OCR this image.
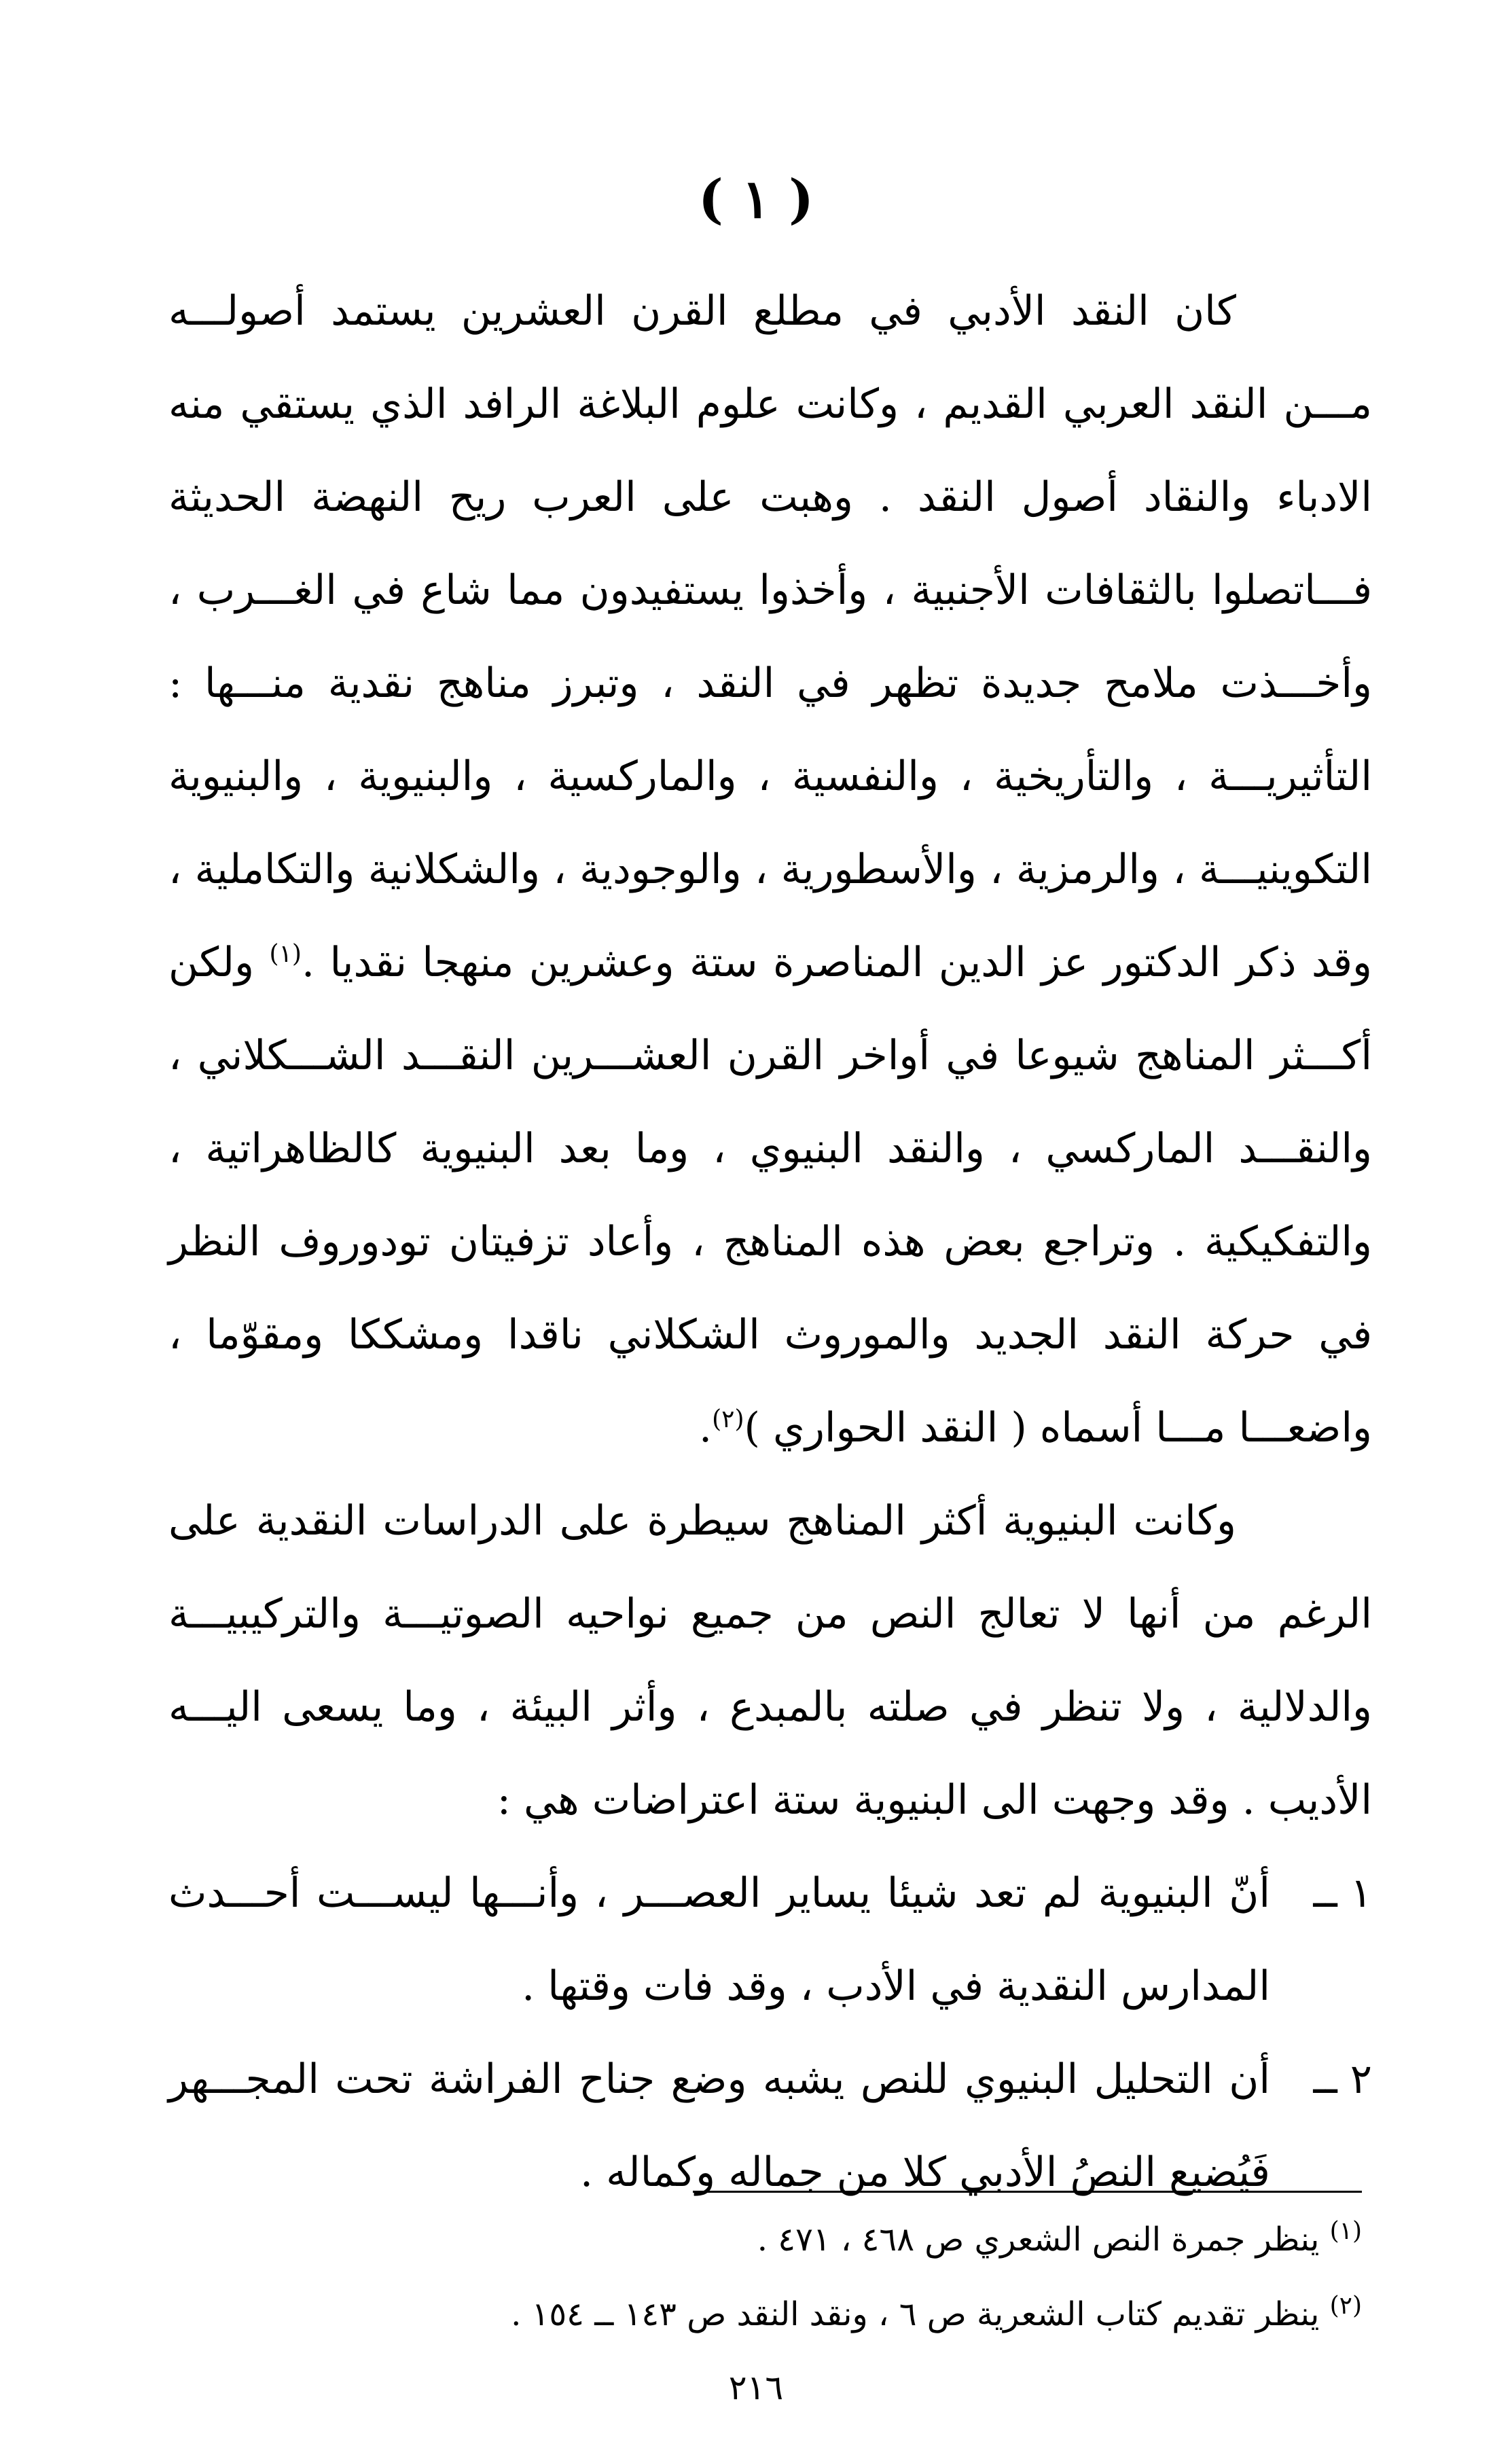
( ١ )

كان النقد الأدبي في مطلع القرن العشرين يستمد أصولـــه مـــن النقد العربي القديم ، وكانت علوم البلاغة الرافد الذي يستقي منه الادباء والنقاد أصول النقد . وهبت على العرب ريح النهضة الحديثة فـــاتصلوا بالثقافات الأجنبية ، وأخذوا يستفيدون مما شاع في الغـــرب ، وأخـــذت ملامح جديدة تظهر في النقد ، وتبرز مناهج نقدية منـــها : التأثيريـــة ، والتأريخية ، والنفسية ، والماركسية ، والبنيوية ، والبنيوية التكوينيـــة ، والرمزية ، والأسطورية ، والوجودية ، والشكلانية والتكاملية ، وقد ذكر الدكتور عز الدين المناصرة ستة وعشرين منهجا نقديا .$^{(١)}$ ولكن أكـــثر المناهج شيوعا في أواخر القرن العشـــرين النقـــد الشـــكلاني ، والنقـــد الماركسي ، والنقد البنيوي ، وما بعد البنيوية كالظاهراتية ، والتفكيكية . وتراجع بعض هذه المناهج ، وأعاد تزفيتان تودوروف النظر في حركة النقد الجديد والموروث الشكلاني ناقدا ومشككا ومقوّما ، واضعـــا مـــا أسماه ( النقد الحواري )$^{(٢)}$.

وكانت البنيوية أكثر المناهج سيطرة على الدراسات النقدية على الرغم من أنها لا تعالج النص من جميع نواحيه الصوتيـــة والتركيبيـــة والدلالية ، ولا تنظر في صلته بالمبدع ، وأثر البيئة ، وما يسعى اليـــه الأديب . وقد وجهت الى البنيوية ستة اعتراضات هي :

١ ــ
أنّ البنيوية لم تعد شيئا يساير العصـــر ، وأنـــها ليســـت أحـــدث المدارس النقدية في الأدب ، وقد فات وقتها .
٢ ــ
أن التحليل البنيوي للنص يشبه وضع جناح الفراشة تحت المجـــهر فَيُضيع النصُ الأدبي كلا من جماله وكماله .

$^{(١)}$ ينظر جمرة النص الشعري ص ٤٦٨ ، ٤٧١ .

$^{(٢)}$ ينظر تقديم كتاب الشعرية ص ٦ ، ونقد النقد ص ١٤٣ ــ ١٥٤ .

٢١٦
